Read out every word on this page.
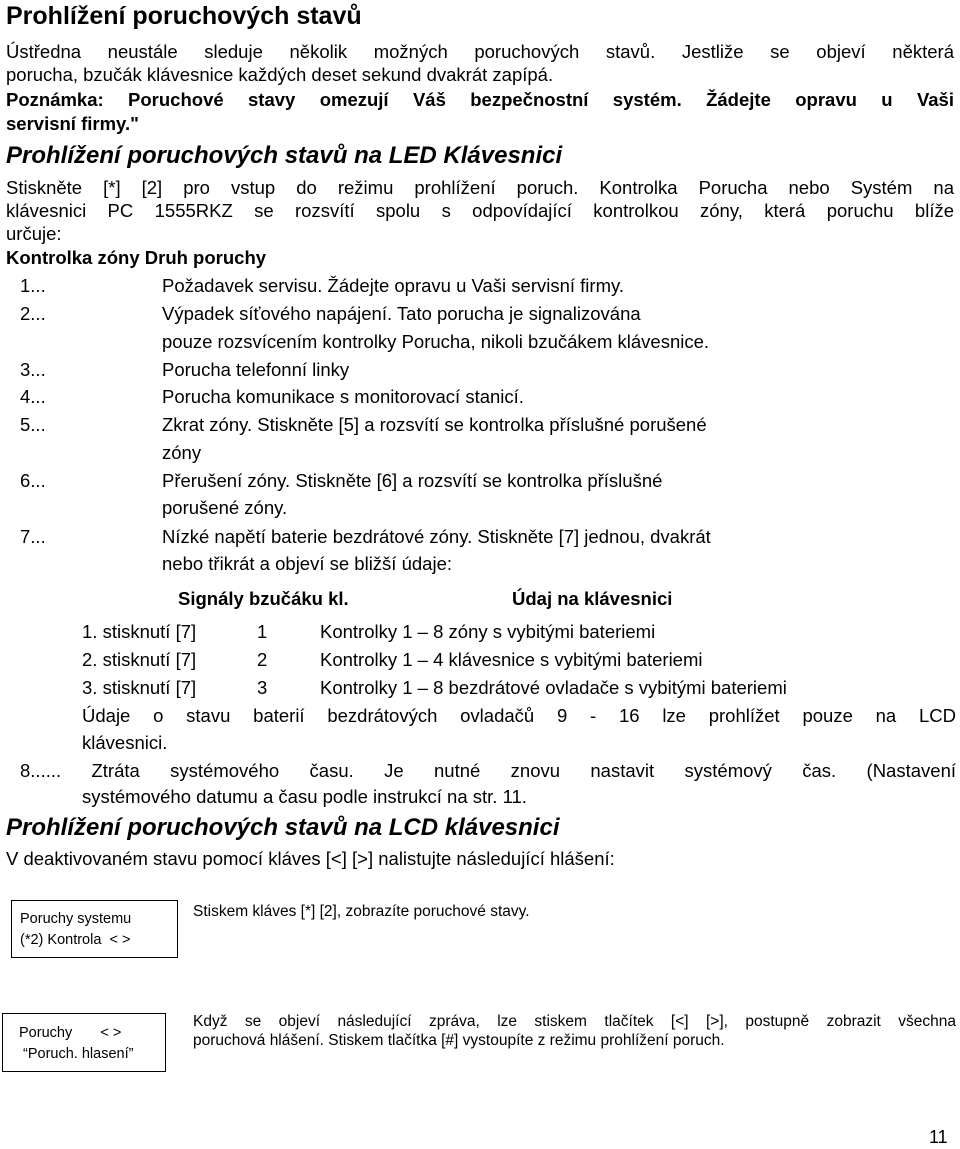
Prohlížení poruchových stavů
Ústředna neustále sleduje několik možných poruchových stavů. Jestliže se objeví některá
porucha, bzučák klávesnice každých deset sekund dvakrát zapípá.
Poznámka: Poruchové stavy omezují Váš bezpečnostní systém. Žádejte opravu u Vaši
servisní firmy."
Prohlížení poruchových stavů na LED Klávesnici
Stiskněte [*] [2] pro vstup do režimu prohlížení poruch. Kontrolka Porucha nebo Systém na
klávesnici PC 1555RKZ se rozsvítí spolu s odpovídající kontrolkou zóny, která poruchu blíže
určuje:
Kontrolka zóny Druh poruchy
1...	Požadavek servisu. Žádejte opravu u Vaši servisní firmy.
2...	Výpadek síťového napájení. Tato porucha je signalizována
pouze rozsvícením kontrolky Porucha, nikoli bzučákem klávesnice.
3...	Porucha telefonní linky
4...	Porucha komunikace s monitorovací stanicí.
5...	Zkrat zóny. Stiskněte [5] a rozsvítí se kontrolka příslušné porušené
zóny
6...	Přerušení zóny. Stiskněte [6] a rozsvítí se kontrolka příslušné
porušené zóny.
7...	Nízké napětí baterie bezdrátové zóny. Stiskněte [7] jednou, dvakrát
nebo třikrát a objeví se bližší údaje:
Signály bzučáku kl.	Údaj na klávesnici
1. stisknutí [7]	1	Kontrolky 1 – 8 zóny s vybitými bateriemi
2. stisknutí [7]	2	Kontrolky 1 – 4 klávesnice s vybitými bateriemi
3. stisknutí [7]	3	Kontrolky 1 – 8 bezdrátové ovladače s vybitými bateriemi
Údaje o stavu baterií bezdrátových ovladačů 9 - 16 lze prohlížet pouze na LCD
klávesnici.
8...... Ztráta systémového času. Je nutné znovu nastavit systémový čas. (Nastavení
systémového datumu a času podle instrukcí na str. 11.
Prohlížení poruchových stavů na LCD klávesnici
V deaktivovaném stavu pomocí kláves [<] [>] nalistujte následující hlášení:
Poruchy systemu
(*2) Kontrola  < >
Stiskem kláves [*] [2], zobrazíte poruchové stavy.
Poruchy       < >
“Poruch. hlasení”
Když se objeví následující zpráva, lze stiskem tlačítek [<] [>], postupně zobrazit všechna
poruchová hlášení. Stiskem tlačítka [#] vystoupíte z režimu prohlížení poruch.
11
